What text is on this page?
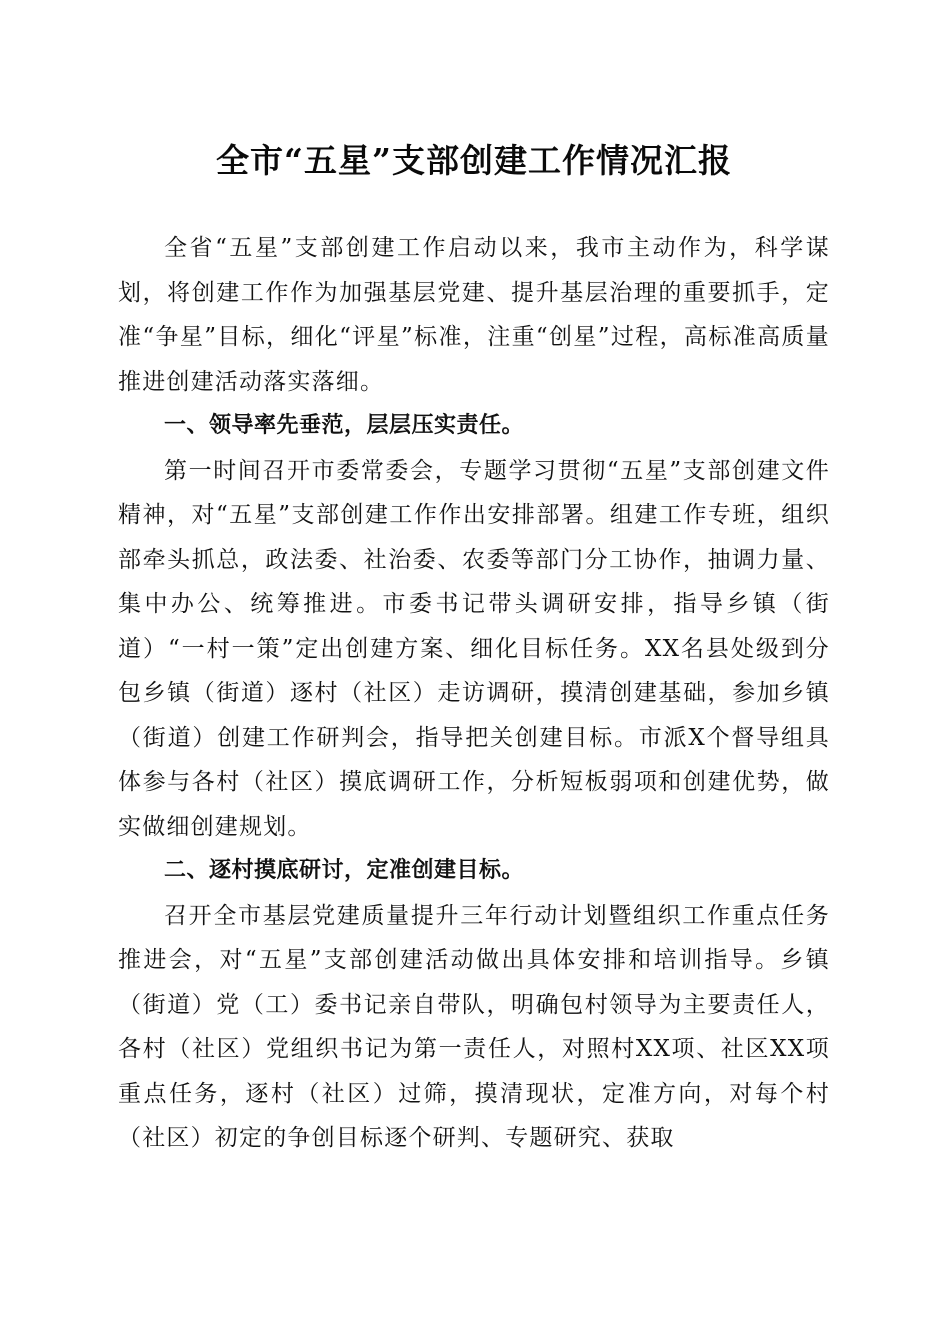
全市“五星”支部创建工作情况汇报

全省“五星”支部创建工作启动以来，我市主动作为，科学谋划，将创建工作作为加强基层党建、提升基层治理的重要抓手，定准“争星”目标，细化“评星”标准，注重“创星”过程，高标准高质量推进创建活动落实落细。

一、领导率先垂范，层层压实责任。

第一时间召开市委常委会，专题学习贯彻“五星”支部创建文件精神，对“五星”支部创建工作作出安排部署。组建工作专班，组织部牵头抓总，政法委、社治委、农委等部门分工协作，抽调力量、集中办公、统筹推进。市委书记带头调研安排，指导乡镇（街道）“一村一策”定出创建方案、细化目标任务。XX名县处级到分包乡镇（街道）逐村（社区）走访调研，摸清创建基础，参加乡镇（街道）创建工作研判会，指导把关创建目标。市派X个督导组具体参与各村（社区）摸底调研工作，分析短板弱项和创建优势，做实做细创建规划。

二、逐村摸底研讨，定准创建目标。

召开全市基层党建质量提升三年行动计划暨组织工作重点任务推进会，对“五星”支部创建活动做出具体安排和培训指导。乡镇（街道）党（工）委书记亲自带队，明确包村领导为主要责任人，各村（社区）党组织书记为第一责任人，对照村XX项、社区XX项重点任务，逐村（社区）过筛，摸清现状，定准方向，对每个村（社区）初定的争创目标逐个研判、专题研究、获取
